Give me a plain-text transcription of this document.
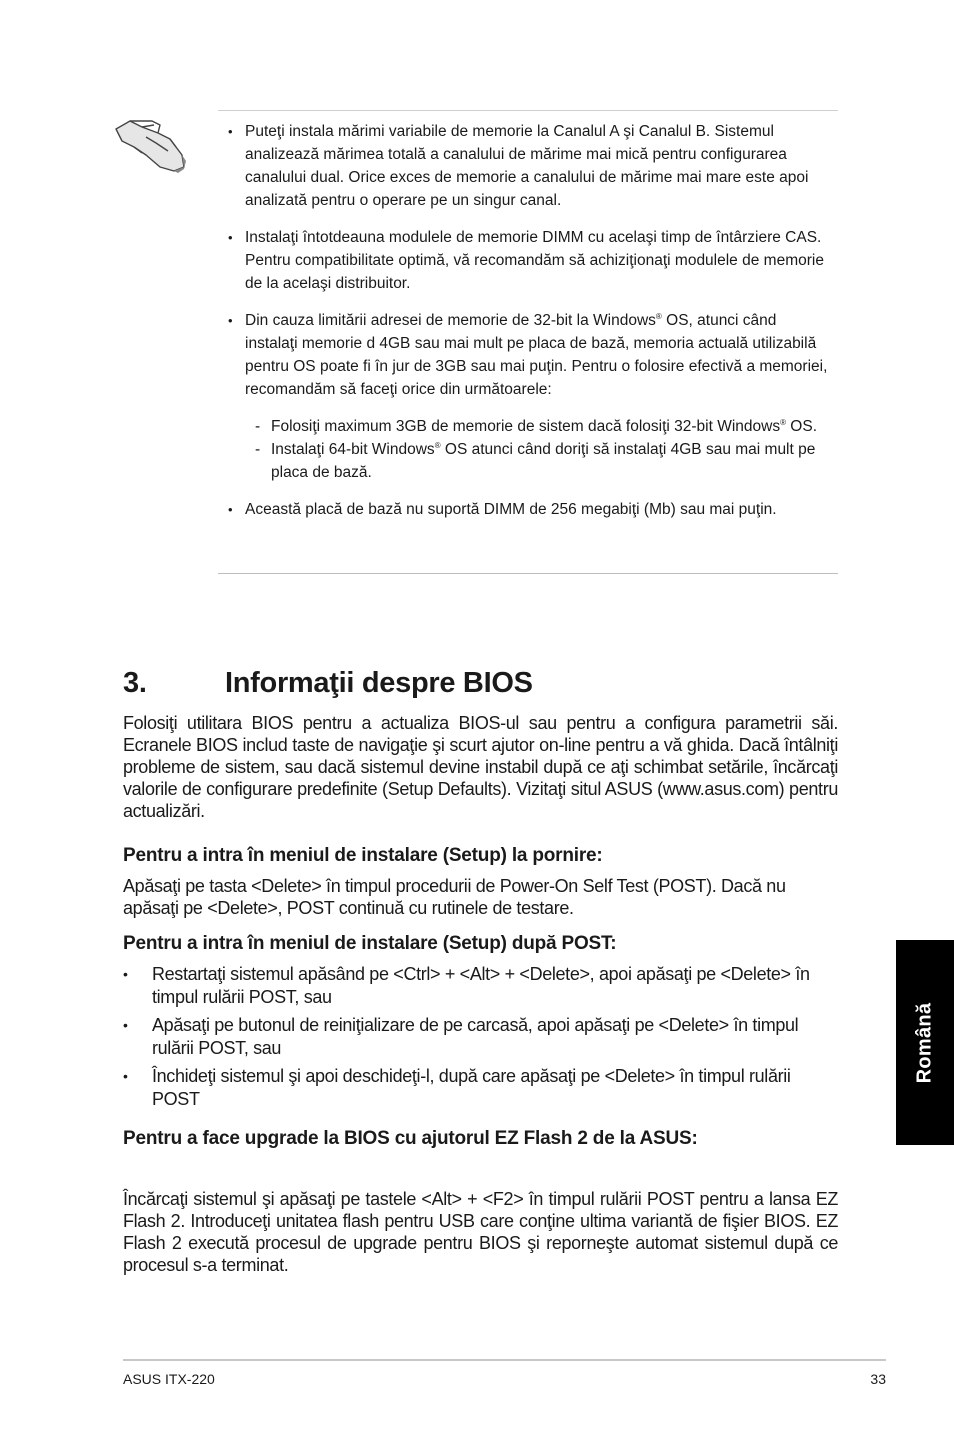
• Puteţi instala mărimi variabile de memorie la Canalul A şi Canalul B. Sistemul analizează mărimea totală a canalului de mărime mai mică pentru configurarea canalului dual. Orice exces de memorie a canalului de mărime mai mare este apoi analizată pentru o operare pe un singur canal.
• Instalaţi întotdeauna modulele de memorie DIMM cu acelaşi timp de întârziere CAS. Pentru compatibilitate optimă, vă recomandăm să achiziţionaţi modulele de memorie de la acelaşi distribuitor.
• Din cauza limitării adresei de memorie de 32-bit la Windows® OS, atunci când instalaţi memorie d 4GB sau mai mult pe placa de bază, memoria actuală utilizabilă pentru OS poate fi în jur de 3GB sau mai puţin. Pentru o folosire efectivă a memoriei, recomandăm să faceţi orice din următoarele:
- Folosiţi maximum 3GB de memorie de sistem dacă folosiţi 32-bit Windows® OS.
- Instalaţi 64-bit Windows® OS atunci când doriţi să instalaţi 4GB sau mai mult pe placa de bază.
• Această placă de bază nu suportă DIMM de 256 megabiţi (Mb) sau mai puţin.
3.	Informaţii despre BIOS

Folosiţi utilitara BIOS pentru a actualiza BIOS-ul sau pentru a configura parametrii săi. Ecranele BIOS includ taste de navigaţie şi scurt ajutor on-line pentru a vă ghida. Dacă întâlniţi probleme de sistem, sau dacă sistemul devine instabil după ce aţi schimbat setările, încărcaţi valorile de configurare predefinite (Setup Defaults). Vizitaţi situl ASUS (www.asus.com) pentru actualizări.

Pentru a intra în meniul de instalare (Setup) la pornire:

Apăsaţi pe tasta <Delete> în timpul procedurii de Power-On Self Test (POST). Dacă nu apăsaţi pe <Delete>, POST continuă cu rutinele de testare.

Pentru a intra în meniul de instalare (Setup) după POST:
• Restartaţi sistemul apăsând pe <Ctrl> + <Alt> + <Delete>, apoi apăsaţi pe <Delete> în timpul rulării POST, sau
• Apăsaţi pe butonul de reiniţializare de pe carcasă, apoi apăsaţi pe <Delete> în timpul rulării POST, sau
• Închideţi sistemul şi apoi deschideţi-l, după care apăsaţi pe <Delete> în timpul rulării POST
Pentru a face upgrade la BIOS cu ajutorul EZ Flash 2 de la ASUS:

Încărcaţi sistemul şi apăsaţi pe tastele <Alt> + <F2> în timpul rulării POST pentru a lansa EZ Flash 2. Introduceţi unitatea flash pentru USB care conţine ultima variantă de fişier BIOS. EZ Flash 2 execută procesul de upgrade pentru BIOS şi reporneşte automat sistemul după ce procesul s-a terminat.

Română
ASUS ITX-220	33
